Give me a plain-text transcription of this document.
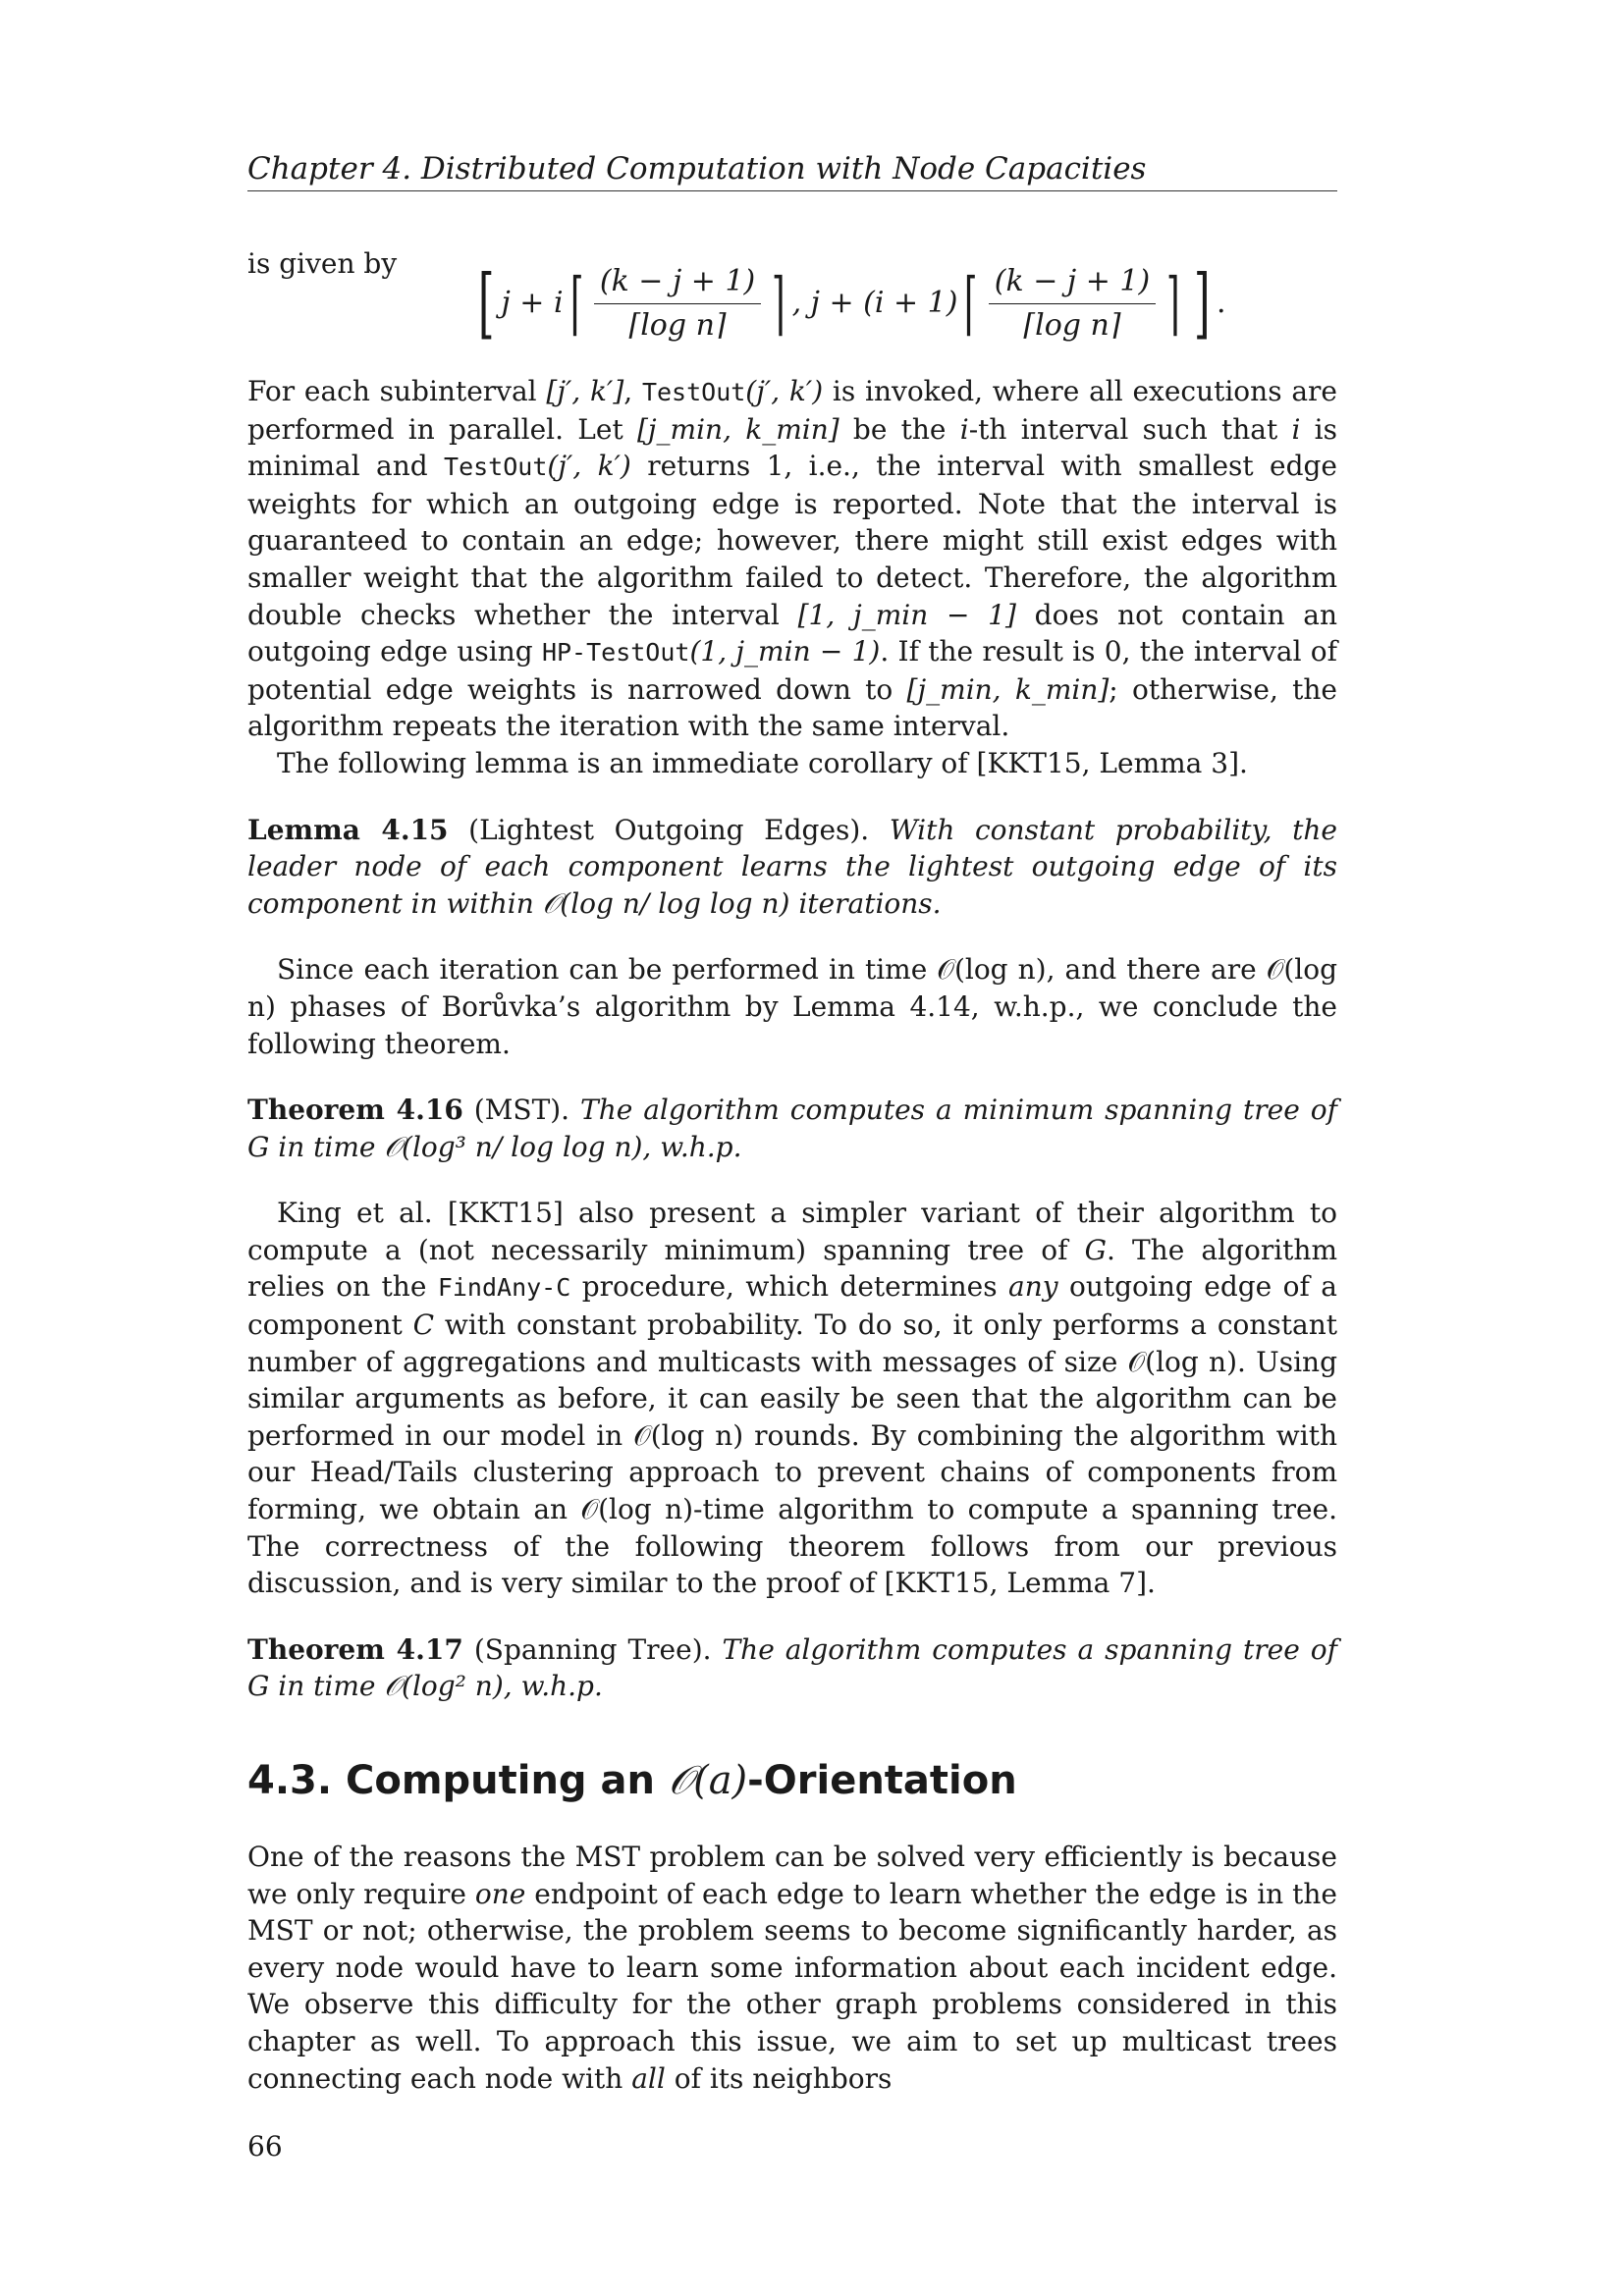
Chapter 4. Distributed Computation with Node Capacities
is given by [ j + i ⌈ $\frac{(k - j + 1)}{\text{⌈log n⌉}}$ ⌉ , j + (i + 1) ⌈ $\frac{(k - j + 1)}{\text{⌈log n⌉}}$ ⌉ ] .

For each subinterval [j′, k′], TestOut(j′, k′) is invoked, where all executions are performed in parallel. Let [j_min, k_min] be the i-th interval such that i is minimal and TestOut(j′, k′) returns 1, i.e., the interval with smallest edge weights for which an outgoing edge is reported. Note that the interval is guaranteed to contain an edge; however, there might still exist edges with smaller weight that the algorithm failed to detect. Therefore, the algorithm double checks whether the interval [1, j_min − 1] does not contain an outgoing edge using HP-TestOut(1, j_min − 1). If the result is 0, the interval of potential edge weights is narrowed down to [j_min, k_min]; otherwise, the algorithm repeats the iteration with the same interval.

The following lemma is an immediate corollary of [KKT15, Lemma 3].

Lemma 4.15 (Lightest Outgoing Edges). With constant probability, the leader node of each component learns the lightest outgoing edge of its component in within 𝒪(log n/ log log n) iterations.

Since each iteration can be performed in time 𝒪(log n), and there are 𝒪(log n) phases of Borůvka’s algorithm by Lemma 4.14, w.h.p., we conclude the following theorem.

Theorem 4.16 (MST). The algorithm computes a minimum spanning tree of G in time 𝒪(log³ n/ log log n), w.h.p.

King et al. [KKT15] also present a simpler variant of their algorithm to compute a (not necessarily minimum) spanning tree of G. The algorithm relies on the FindAny-C procedure, which determines any outgoing edge of a component C with constant probability. To do so, it only performs a constant number of aggregations and multicasts with messages of size 𝒪(log n). Using similar arguments as before, it can easily be seen that the algorithm can be performed in our model in 𝒪(log n) rounds. By combining the algorithm with our Head/Tails clustering approach to prevent chains of components from forming, we obtain an 𝒪(log n)-time algorithm to compute a spanning tree. The correctness of the following theorem follows from our previous discussion, and is very similar to the proof of [KKT15, Lemma 7].

Theorem 4.17 (Spanning Tree). The algorithm computes a spanning tree of G in time 𝒪(log² n), w.h.p.

4.3. Computing an 𝒪(a)-Orientation

One of the reasons the MST problem can be solved very efficiently is because we only require one endpoint of each edge to learn whether the edge is in the MST or not; otherwise, the problem seems to become significantly harder, as every node would have to learn some information about each incident edge. We observe this difficulty for the other graph problems considered in this chapter as well. To approach this issue, we aim to set up multicast trees connecting each node with all of its neighbors

66
